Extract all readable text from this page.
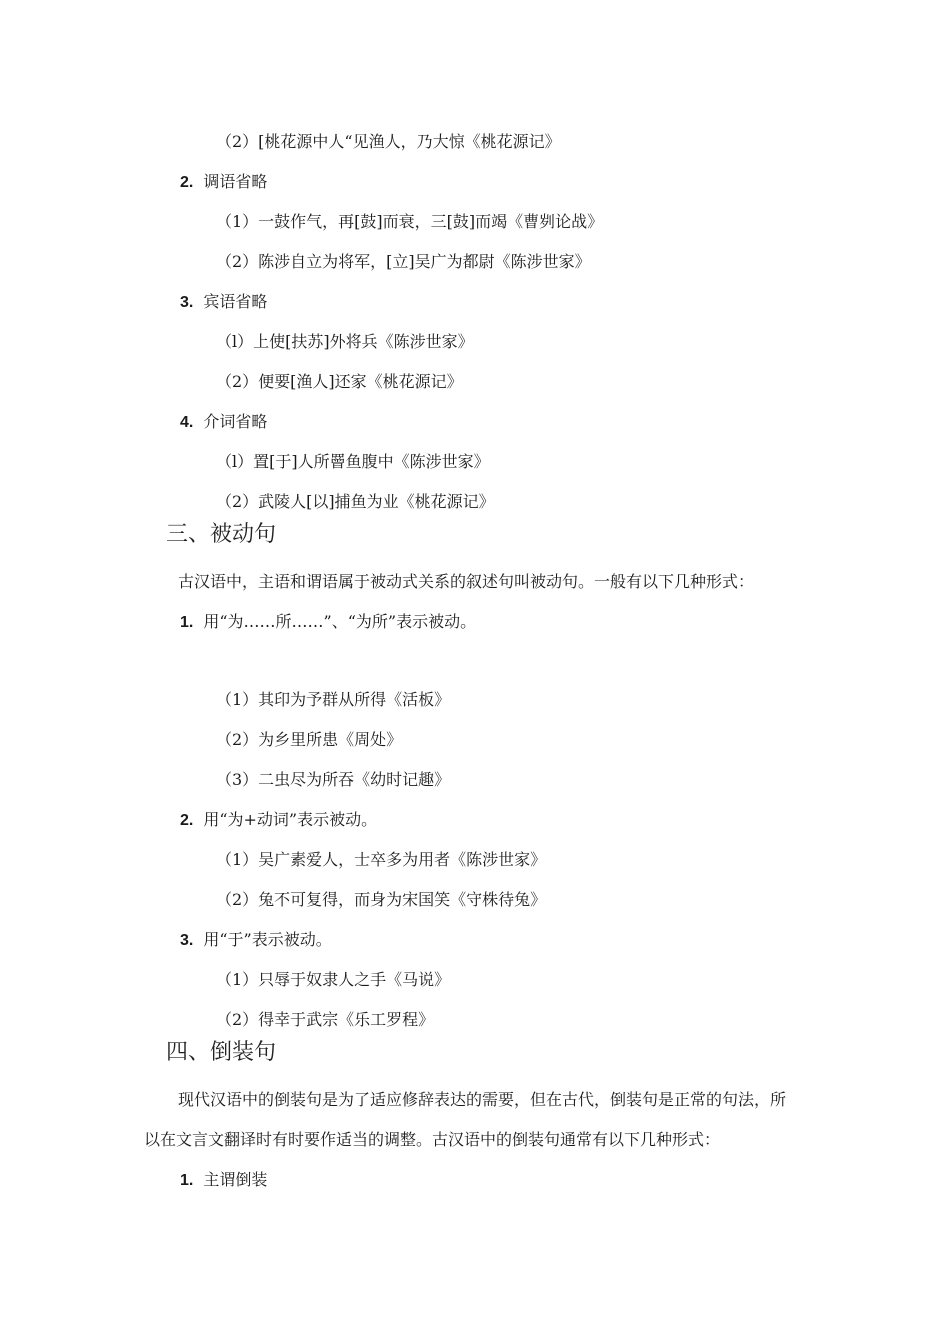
（2）[桃花源中人“见渔人，乃大惊《桃花源记》
2. 调语省略
（1）一鼓作气，再[鼓]而衰，三[鼓]而竭《曹刿论战》
（2）陈涉自立为将军，[立]吴广为都尉《陈涉世家》
3. 宾语省略
（l）上使[扶苏]外将兵《陈涉世家》
（2）便要[渔人]还家《桃花源记》
4. 介词省略
（l）置[于]人所罾鱼腹中《陈涉世家》
（2）武陵人[以]捕鱼为业《桃花源记》
三、被动句
古汉语中，主语和谓语属于被动式关系的叙述句叫被动句。一般有以下几种形式：
1. 用“为……所……”、“为所”表示被动。
（1）其印为予群从所得《活板》
（2）为乡里所患《周处》
（3）二虫尽为所吞《幼时记趣》
2. 用“为+动词”表示被动。
（1）吴广素爱人，士卒多为用者《陈涉世家》
（2）兔不可复得，而身为宋国笑《守株待兔》
3. 用“于”表示被动。
（1）只辱于奴隶人之手《马说》
（2）得幸于武宗《乐工罗程》
四、倒装句
现代汉语中的倒装句是为了适应修辞表达的需要，但在古代，倒装句是正常的句法，所
以在文言文翻译时有时要作适当的调整。古汉语中的倒装句通常有以下几种形式：
1. 主谓倒装
